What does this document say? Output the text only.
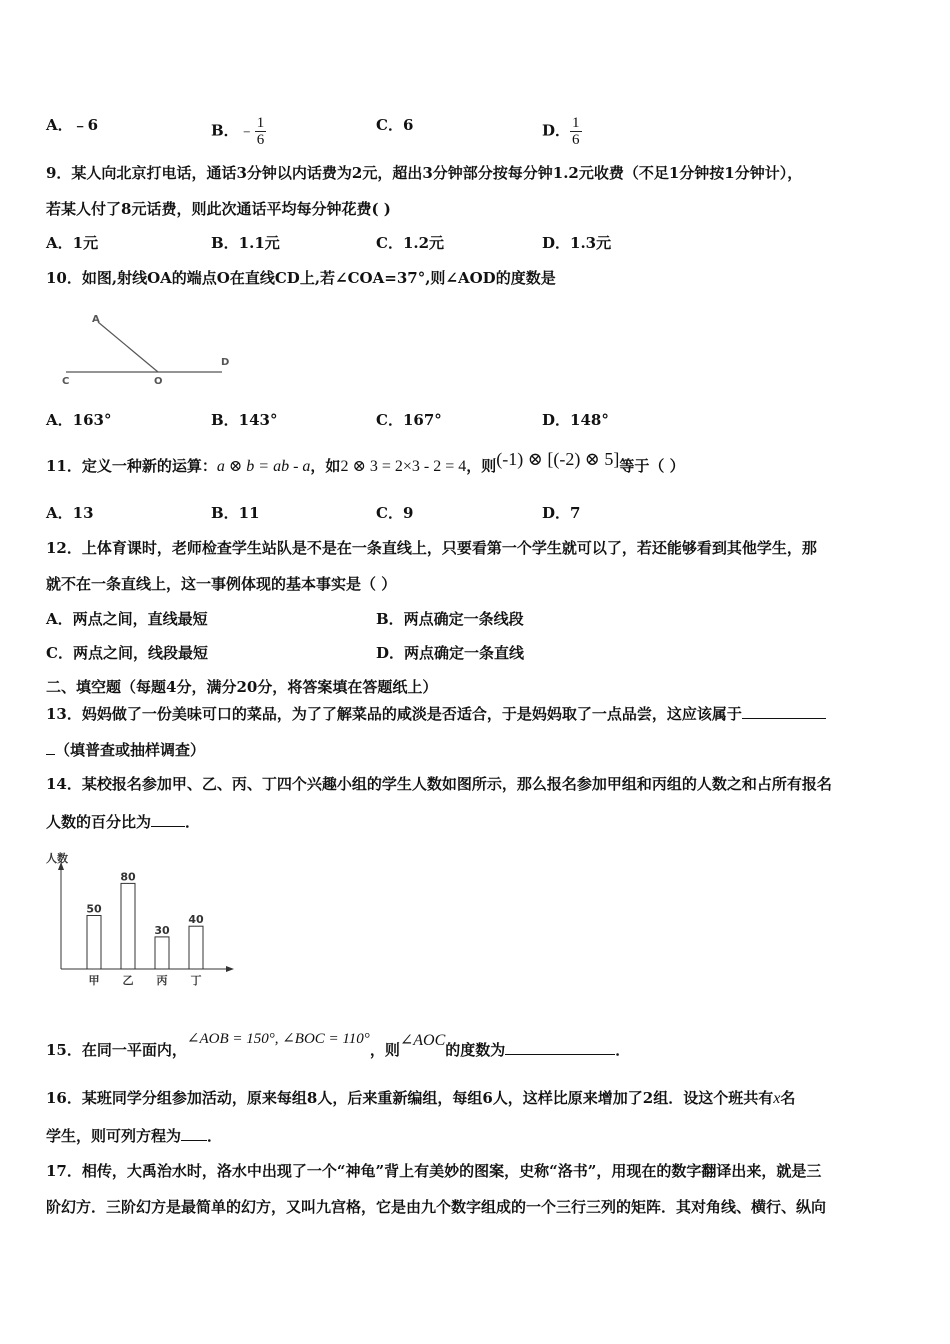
A．﹣6	B．﹣ $\frac{1}{6}$	C．6	D． $\frac{1}{6}$
9．某人向北京打电话，通话3分钟以内话费为2元，超出3分钟部分按每分钟1.2元收费（不足1分钟按1分钟计），
若某人付了8元话费，则此次通话平均每分钟花费( )
A．1元	B．1.1元	C．1.2元	D．1.3元
10．如图,射线OA的端点O在直线CD上,若∠COA=37°,则∠AOD的度数是
A
O
C
D
A．163°	B．143°	C．167°	D．148°
11．定义一种新的运算：a ⊗ b = ab - a，如2 ⊗ 3 = 2×3 - 2 = 4，则(-1) ⊗ [(-2) ⊗ 5]等于（ ）
A．13	B．11	C．9	D．7
12．上体育课时，老师检查学生站队是不是在一条直线上，只要看第一个学生就可以了，若还能够看到其他学生，那
就不在一条直线上，这一事例体现的基本事实是（ ）
A．两点之间，直线最短	B．两点确定一条线段
C．两点之间，线段最短	D．两点确定一条直线
二、填空题（每题4分，满分20分，将答案填在答题纸上）
13．妈妈做了一份美味可口的菜品，为了了解菜品的咸淡是否适合，于是妈妈取了一点品尝，这应该属于
（填普查或抽样调查）
14．某校报名参加甲、乙、丙、丁四个兴趣小组的学生人数如图所示，那么报名参加甲组和丙组的人数之和占所有报名
人数的百分比为 ．
人数
50
甲
80
乙
30
丙
40
丁
15．在同一平面内，∠AOB = 150°, ∠BOC = 110°，则∠AOC的度数为	．
16．某班同学分组参加活动，原来每组8人，后来重新编组，每组6人，这样比原来增加了2组．设这个班共有x名
学生，则可列方程为 ．
17．相传，大禹治水时，洛水中出现了一个“神龟”背上有美妙的图案，史称“洛书”，用现在的数字翻译出来，就是三
阶幻方．三阶幻方是最简单的幻方，又叫九宫格，它是由九个数字组成的一个三行三列的矩阵．其对角线、横行、纵向
